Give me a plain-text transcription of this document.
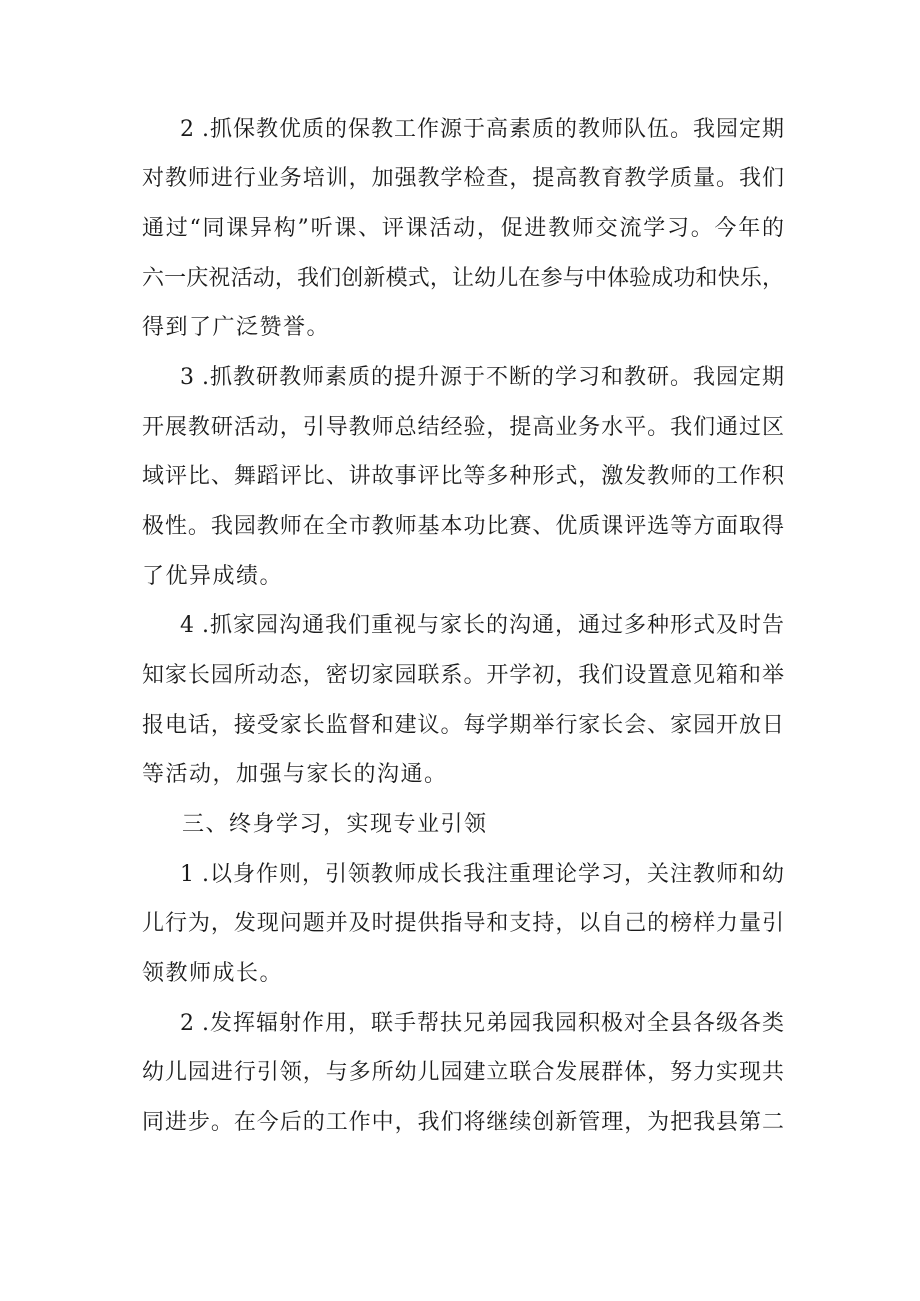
2 .抓保教优质的保教工作源于高素质的教师队伍。我园定期
对教师进行业务培训，加强教学检查，提高教育教学质量。我们
通过“同课异构”听课、评课活动，促进教师交流学习。今年的
六一庆祝活动，我们创新模式，让幼儿在参与中体验成功和快乐，
得到了广泛赞誉。
3 .抓教研教师素质的提升源于不断的学习和教研。我园定期
开展教研活动，引导教师总结经验，提高业务水平。我们通过区
域评比、舞蹈评比、讲故事评比等多种形式，激发教师的工作积
极性。我园教师在全市教师基本功比赛、优质课评选等方面取得
了优异成绩。
4 .抓家园沟通我们重视与家长的沟通，通过多种形式及时告
知家长园所动态，密切家园联系。开学初，我们设置意见箱和举
报电话，接受家长监督和建议。每学期举行家长会、家园开放日
等活动，加强与家长的沟通。
三、终身学习，实现专业引领
1 .以身作则，引领教师成长我注重理论学习，关注教师和幼
儿行为，发现问题并及时提供指导和支持，以自己的榜样力量引
领教师成长。
2 .发挥辐射作用，联手帮扶兄弟园我园积极对全县各级各类
幼儿园进行引领，与多所幼儿园建立联合发展群体，努力实现共
同进步。在今后的工作中，我们将继续创新管理，为把我县第二
